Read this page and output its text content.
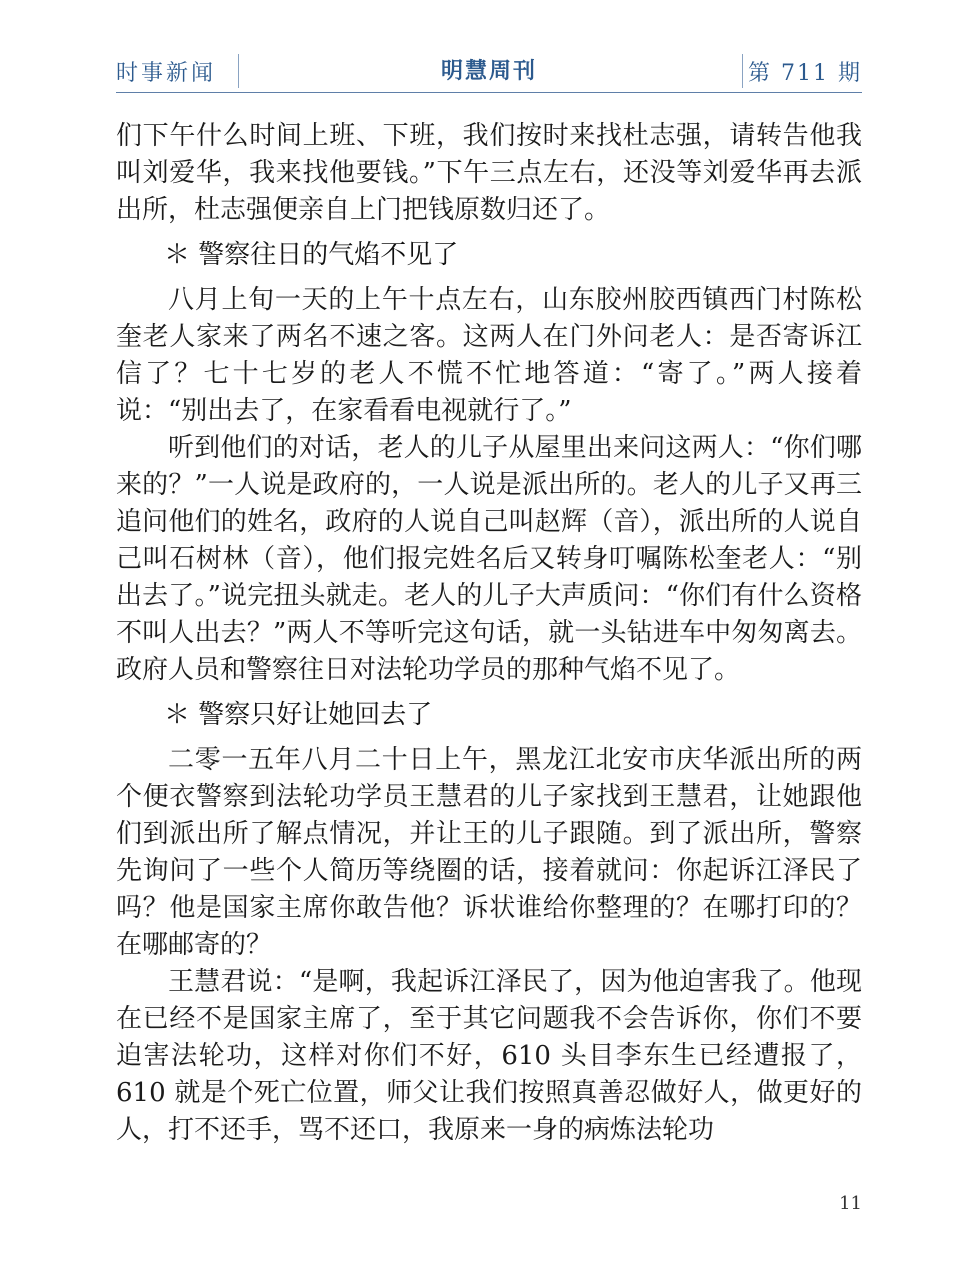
时事新闻	明慧周刊	第 711 期

们下午什么时间上班、下班，我们按时来找杜志强，请转告他我叫刘爱华，我来找他要钱。”下午三点左右，还没等刘爱华再去派出所，杜志强便亲自上门把钱原数归还了。

＊ 警察往日的气焰不见了

八月上旬一天的上午十点左右，山东胶州胶西镇西门村陈松奎老人家来了两名不速之客。这两人在门外问老人：是否寄诉江信了？七十七岁的老人不慌不忙地答道：“寄了。”两人接着说：“别出去了，在家看看电视就行了。”

听到他们的对话，老人的儿子从屋里出来问这两人：“你们哪来的？”一人说是政府的，一人说是派出所的。老人的儿子又再三追问他们的姓名，政府的人说自己叫赵辉（音），派出所的人说自己叫石树林（音），他们报完姓名后又转身叮嘱陈松奎老人：“别出去了。”说完扭头就走。老人的儿子大声质问：“你们有什么资格不叫人出去？”两人不等听完这句话，就一头钻进车中匆匆离去。政府人员和警察往日对法轮功学员的那种气焰不见了。

＊ 警察只好让她回去了

二零一五年八月二十日上午，黑龙江北安市庆华派出所的两个便衣警察到法轮功学员王慧君的儿子家找到王慧君，让她跟他们到派出所了解点情况，并让王的儿子跟随。到了派出所，警察先询问了一些个人简历等绕圈的话，接着就问：你起诉江泽民了吗？他是国家主席你敢告他？诉状谁给你整理的？在哪打印的？在哪邮寄的？

王慧君说：“是啊，我起诉江泽民了，因为他迫害我了。他现在已经不是国家主席了，至于其它问题我不会告诉你，你们不要迫害法轮功，这样对你们不好，610 头目李东生已经遭报了，610 就是个死亡位置，师父让我们按照真善忍做好人，做更好的人，打不还手，骂不还口，我原来一身的病炼法轮功

11
